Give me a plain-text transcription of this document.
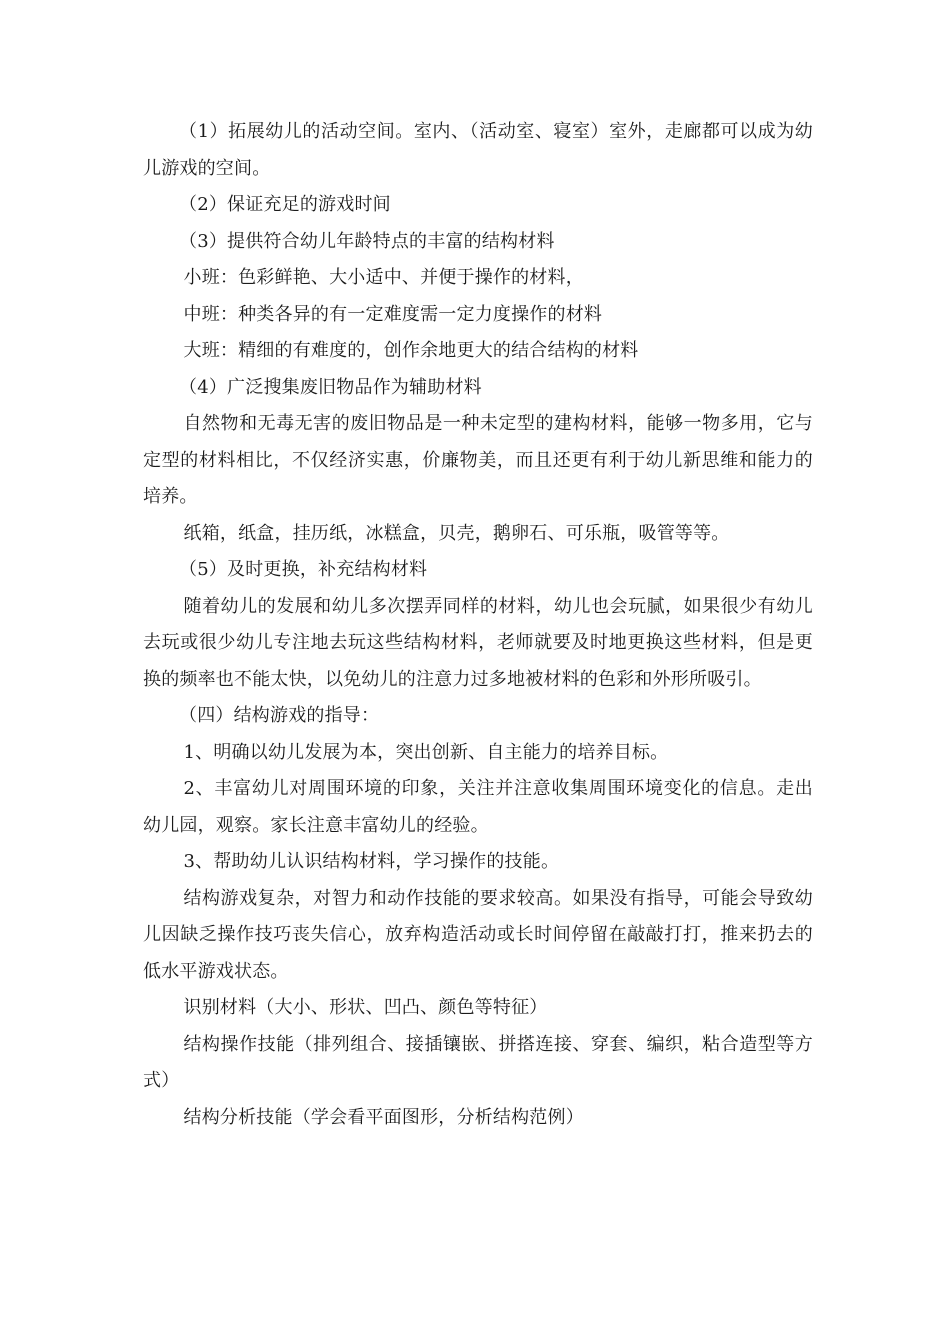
（1）拓展幼儿的活动空间。室内、（活动室、寝室）室外，走廊都可以成为幼儿游戏的空间。

（2）保证充足的游戏时间

（3）提供符合幼儿年龄特点的丰富的结构材料

小班：色彩鲜艳、大小适中、并便于操作的材料，

中班：种类各异的有一定难度需一定力度操作的材料

大班：精细的有难度的，创作余地更大的结合结构的材料

（4）广泛搜集废旧物品作为辅助材料

自然物和无毒无害的废旧物品是一种未定型的建构材料，能够一物多用，它与定型的材料相比，不仅经济实惠，价廉物美，而且还更有利于幼儿新思维和能力的培养。

纸箱，纸盒，挂历纸，冰糕盒，贝壳，鹅卵石、可乐瓶，吸管等等。

（5）及时更换，补充结构材料

随着幼儿的发展和幼儿多次摆弄同样的材料，幼儿也会玩腻，如果很少有幼儿去玩或很少幼儿专注地去玩这些结构材料，老师就要及时地更换这些材料，但是更换的频率也不能太快，以免幼儿的注意力过多地被材料的色彩和外形所吸引。

（四）结构游戏的指导：

1、明确以幼儿发展为本，突出创新、自主能力的培养目标。

2、丰富幼儿对周围环境的印象，关注并注意收集周围环境变化的信息。走出幼儿园，观察。家长注意丰富幼儿的经验。

3、帮助幼儿认识结构材料，学习操作的技能。

结构游戏复杂，对智力和动作技能的要求较高。如果没有指导，可能会导致幼儿因缺乏操作技巧丧失信心，放弃构造活动或长时间停留在敲敲打打，推来扔去的低水平游戏状态。

识别材料（大小、形状、凹凸、颜色等特征）

结构操作技能（排列组合、接插镶嵌、拼搭连接、穿套、编织，粘合造型等方式）

结构分析技能（学会看平面图形，分析结构范例）
